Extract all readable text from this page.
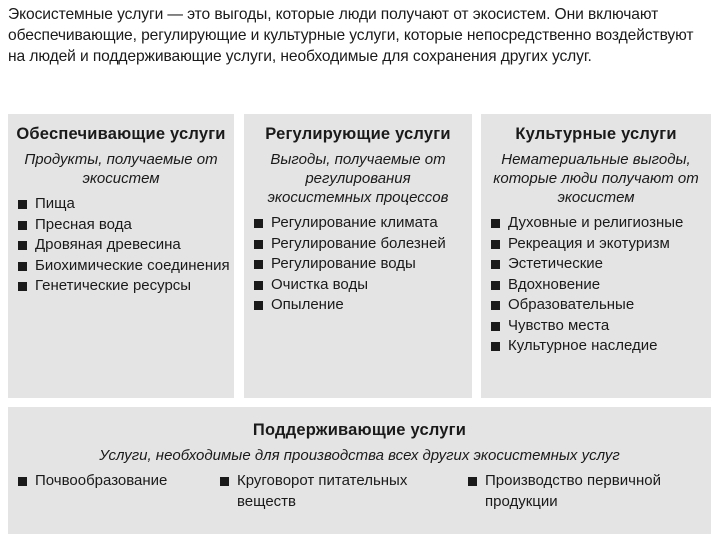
Экосистемные услуги — это выгоды, которые люди получают от экосистем. Они включают обеспечивающие, регулирующие и культурные услуги, которые непосредственно воздействуют на людей и поддерживающие услуги, необходимые для сохранения других услуг.

Обеспечивающие услуги

Продукты, получаемые от экосистем

Пища
Пресная вода
Дровяная древесина
Биохимические соединения
Генетические ресурсы
Регулирующие услуги

Выгоды, получаемые от регулирования экосистемных процессов

Регулирование климата
Регулирование болезней
Регулирование воды
Очистка воды
Опыление
Культурные услуги

Нематериальные выгоды, которые люди получают от экосистем

Духовные и религиозные
Рекреация и экотуризм
Эстетические
Вдохновение
Образовательные
Чувство места
Культурное наследие
Поддерживающие услуги

Услуги, необходимые для производства всех других экосистемных услуг

Почвообразование	Круговорот питательных веществ
Производство первичной продукции
